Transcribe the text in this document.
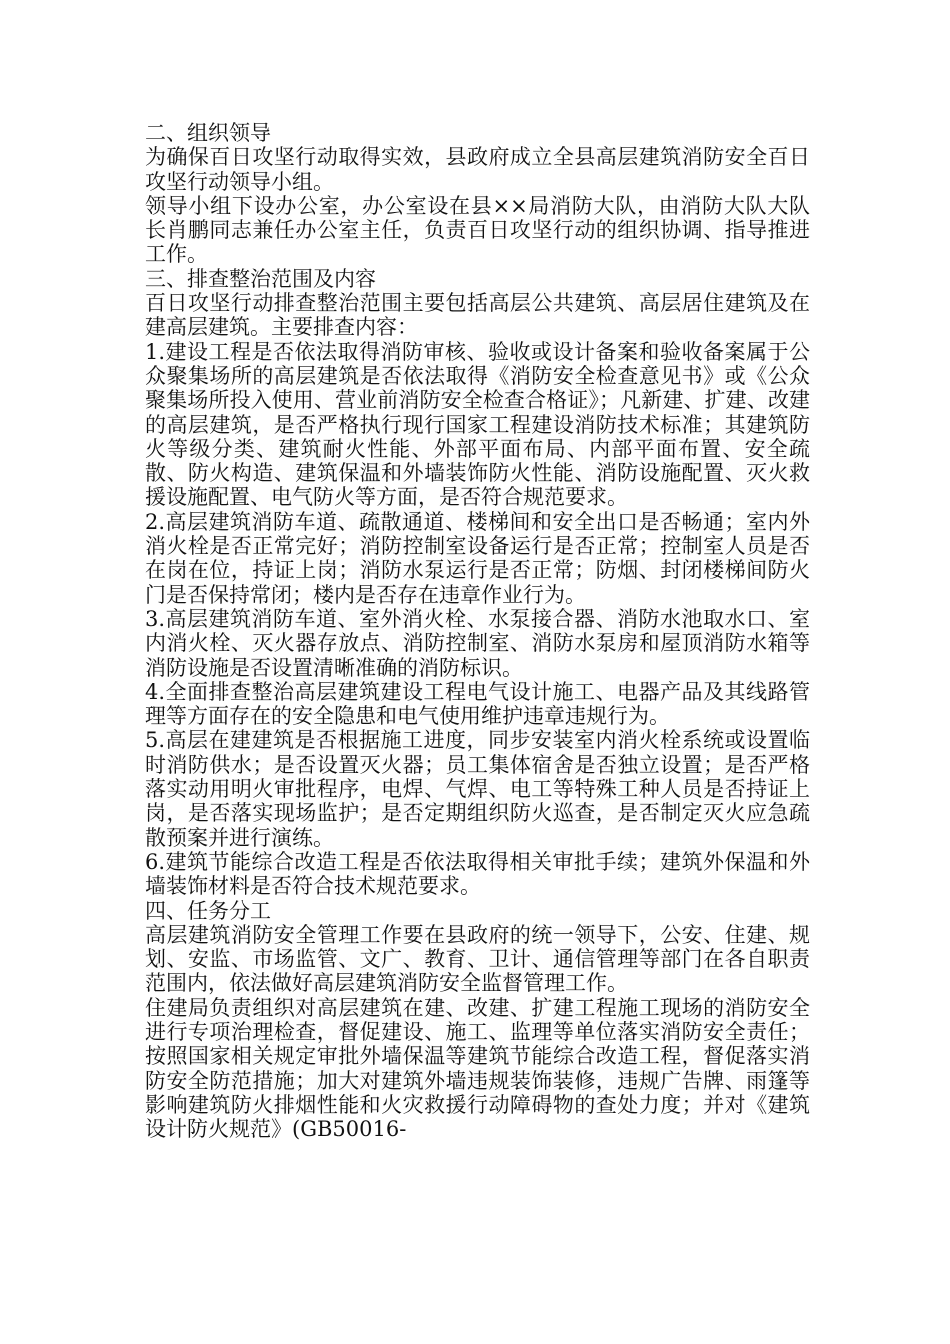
二、组织领导

为确保百日攻坚行动取得实效，县政府成立全县高层建筑消防安全百日攻坚行动领导小组。

领导小组下设办公室，办公室设在县××局消防大队，由消防大队大队长肖鹏同志兼任办公室主任，负责百日攻坚行动的组织协调、指导推进工作。

三、排查整治范围及内容

百日攻坚行动排查整治范围主要包括高层公共建筑、高层居住建筑及在建高层建筑。主要排查内容：

1.建设工程是否依法取得消防审核、验收或设计备案和验收备案属于公众聚集场所的高层建筑是否依法取得《消防安全检查意见书》或《公众聚集场所投入使用、营业前消防安全检查合格证》；凡新建、扩建、改建的高层建筑，是否严格执行现行国家工程建设消防技术标准；其建筑防火等级分类、建筑耐火性能、外部平面布局、内部平面布置、安全疏散、防火构造、建筑保温和外墙装饰防火性能、消防设施配置、灭火救援设施配置、电气防火等方面，是否符合规范要求。

2.高层建筑消防车道、疏散通道、楼梯间和安全出口是否畅通；室内外消火栓是否正常完好；消防控制室设备运行是否正常；控制室人员是否在岗在位，持证上岗；消防水泵运行是否正常；防烟、封闭楼梯间防火门是否保持常闭；楼内是否存在违章作业行为。

3.高层建筑消防车道、室外消火栓、水泵接合器、消防水池取水口、室内消火栓、灭火器存放点、消防控制室、消防水泵房和屋顶消防水箱等消防设施是否设置清晰准确的消防标识。

4.全面排查整治高层建筑建设工程电气设计施工、电器产品及其线路管理等方面存在的安全隐患和电气使用维护违章违规行为。

5.高层在建建筑是否根据施工进度，同步安装室内消火栓系统或设置临时消防供水；是否设置灭火器；员工集体宿舍是否独立设置；是否严格落实动用明火审批程序，电焊、气焊、电工等特殊工种人员是否持证上岗，是否落实现场监护；是否定期组织防火巡查，是否制定灭火应急疏散预案并进行演练。

6.建筑节能综合改造工程是否依法取得相关审批手续；建筑外保温和外墙装饰材料是否符合技术规范要求。

四、任务分工

高层建筑消防安全管理工作要在县政府的统一领导下，公安、住建、规划、安监、市场监管、文广、教育、卫计、通信管理等部门在各自职责范围内，依法做好高层建筑消防安全监督管理工作。

住建局负责组织对高层建筑在建、改建、扩建工程施工现场的消防安全进行专项治理检查，督促建设、施工、监理等单位落实消防安全责任；按照国家相关规定审批外墙保温等建筑节能综合改造工程，督促落实消防安全防范措施；加大对建筑外墙违规装饰装修，违规广告牌、雨篷等影响建筑防火排烟性能和火灾救援行动障碍物的查处力度；并对《建筑设计防火规范》(GB50016-
